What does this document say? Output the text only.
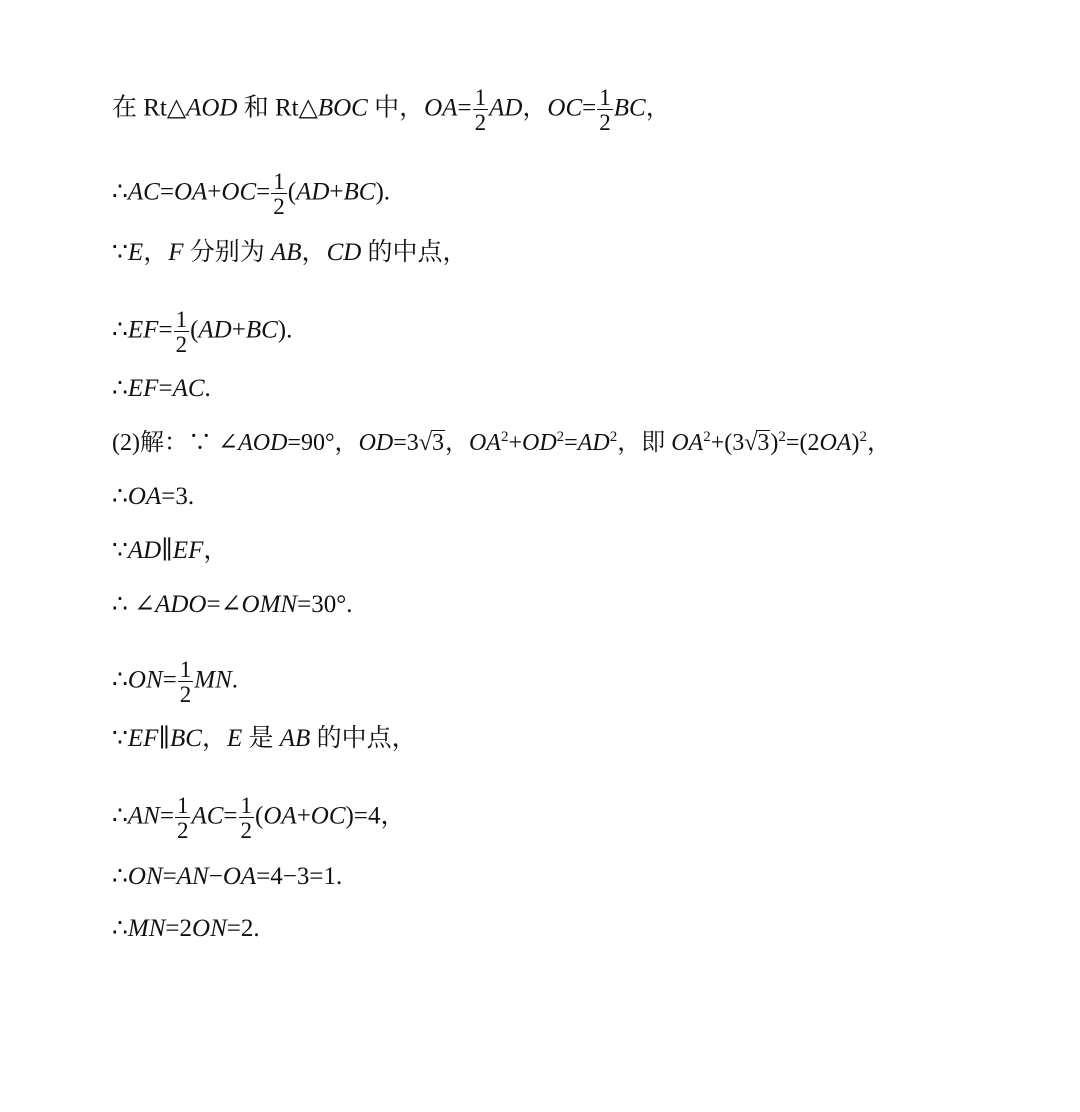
在 Rt△AOD 和 Rt△BOC 中，$OA= \frac{1}{2}$ AD，$OC= \frac{1}{2}$ BC，
∴AC=OA+OC= $\frac{1}{2} (AD+BC)$.
∵E，F 分别为 AB，CD 的中点，
∴EF= $\frac{1}{2} (AD+BC)$.
∴EF=AC.
(2)解：∵ ∠AOD=90°，OD=3√3，$OA^2+OD^2=AD^2$，即 $OA^2+(3√3)^2=(2OA)^2$，
∴OA=3.
∵AD∥EF，
∴ ∠ADO=∠OMN=30°.
∴ON= $\frac{1}{2}$ MN.
∵EF∥BC，E 是 AB 的中点，
∴AN= $\frac{1}{2} AC= \frac{1}{2} (OA+OC)=4$，
∴ON=AN−OA=4−3=1.
∴MN=2ON=2.
